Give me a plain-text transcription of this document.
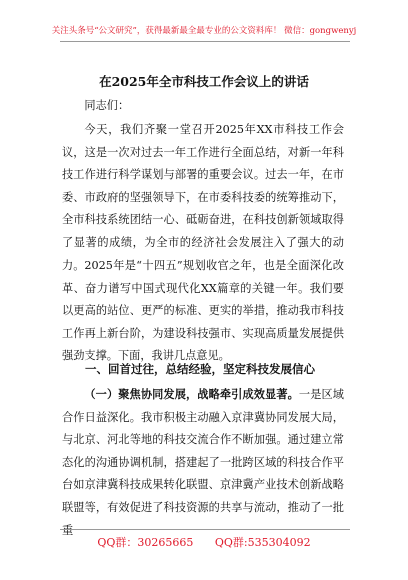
关注头条号“公文研究”，获得最新最全最专业的公文资料库！ 微信：gongwenyj
在2025年全市科技工作会议上的讲话
同志们：
今天，我们齐聚一堂召开2025年XX市科技工作会议，这是一次对过去一年工作进行全面总结，对新一年科技工作进行科学谋划与部署的重要会议。过去一年，在市委、市政府的坚强领导下，在市委科技委的统筹推动下，全市科技系统团结一心、砥砺奋进，在科技创新领域取得了显著的成绩，为全市的经济社会发展注入了强大的动力。 2025年是“十四五”规划收官之年，也是全面深化改革、奋力谱写中国式现代化XX篇章的关键一年。我们要以更高的站位、更严的标准、更实的举措，推动我市科技工作再上新台阶，为建设科技强市、实现高质量发展提供强劲支撑。下面，我讲几点意见。
一、回首过往，总结经验，坚定科技发展信心
（一）聚焦协同发展，战略牵引成效显著。一是区域合作日益深化。我市积极主动融入京津冀协同发展大局，与北京、河北等地的科技交流合作不断加强。通过建立常态化的沟通协调机制，搭建起了一批跨区域的科技合作平台如京津冀科技成果转化联盟、京津冀产业技术创新战略联盟等，有效促进了科技资源的共享与流动，推动了一批重
QQ群：30265665 QQ群:535304092
